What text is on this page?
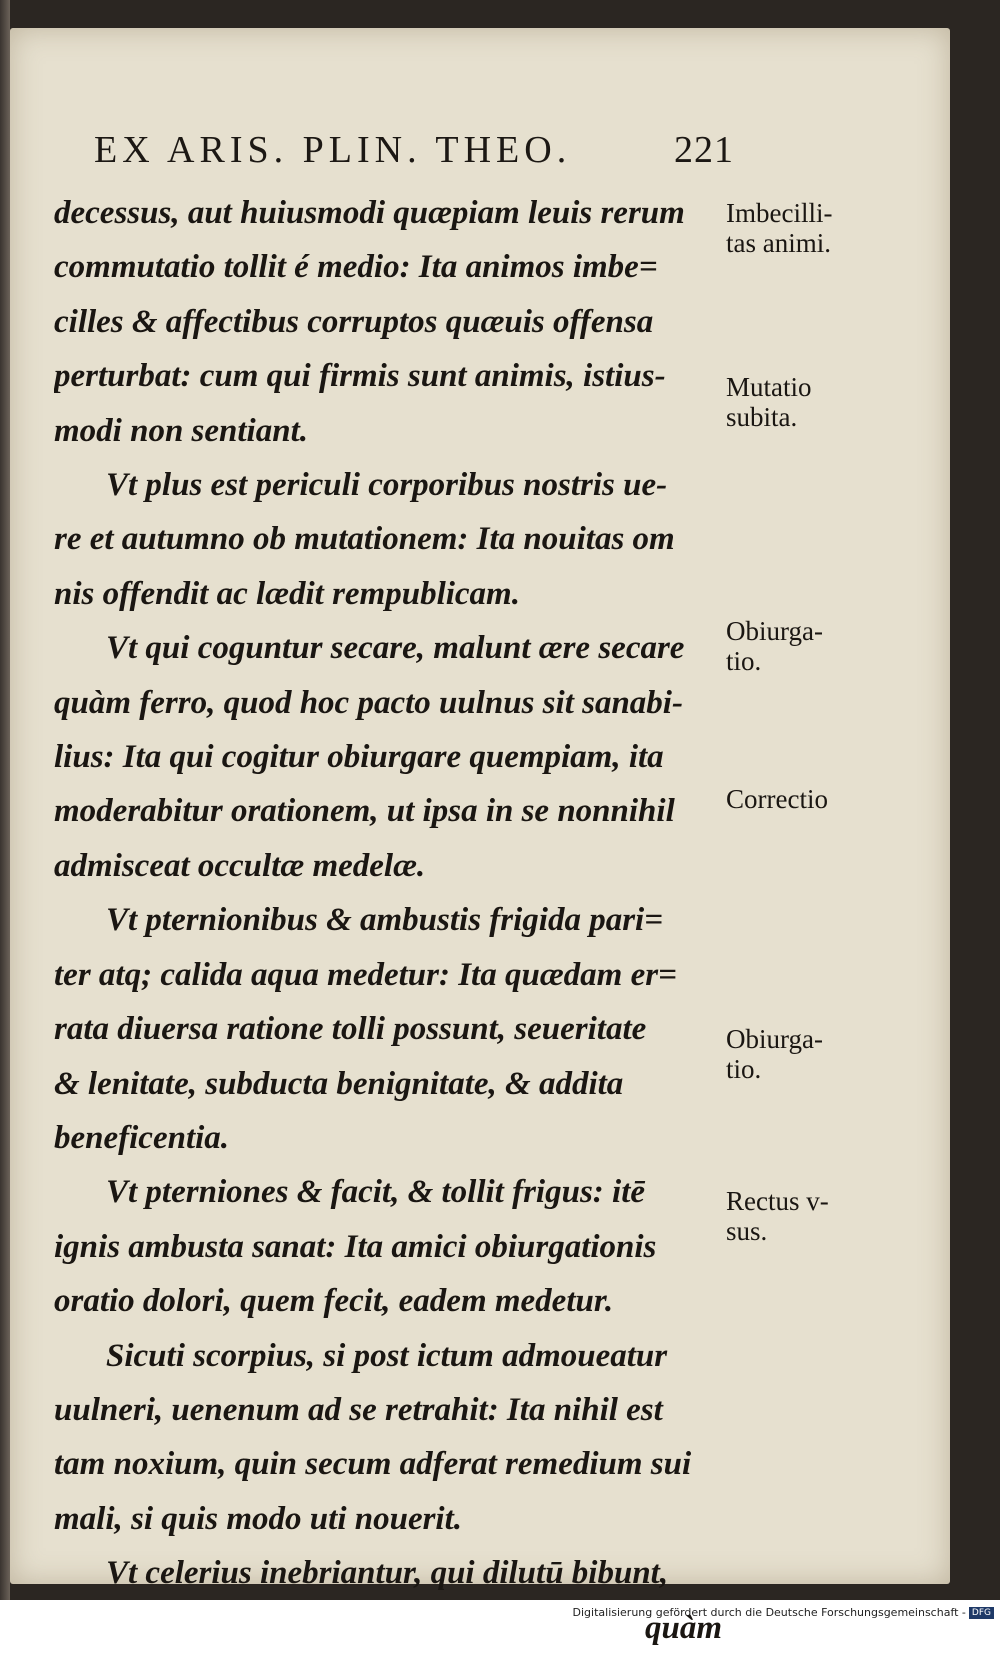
EX ARIS. PLIN. THEO.	221
decessus, aut huiusmodi quæpiam leuis rerum
commutatio tollit é medio: Ita animos imbe=
cilles & affectibus corruptos quæuis offensa
perturbat: cum qui firmis sunt animis, istius-
modi non sentiant.
Vt plus est periculi corporibus nostris ue-
re et autumno ob mutationem: Ita nouitas om
nis offendit ac lædit rempublicam.
Vt qui coguntur secare, malunt ære secare
quàm ferro, quod hoc pacto uulnus sit sanabi-
lius: Ita qui cogitur obiurgare quempiam, ita
moderabitur orationem, ut ipsa in se nonnihil
admisceat occultæ medelæ.
Vt pternionibus & ambustis frigida pari=
ter atq; calida aqua medetur: Ita quædam er=
rata diuersa ratione tolli possunt, seueritate
& lenitate, subducta benignitate, & addita
beneficentia.
Vt pterniones & facit, & tollit frigus: itē
ignis ambusta sanat: Ita amici obiurgationis
oratio dolori, quem fecit, eadem medetur.
Sicuti scorpius, si post ictum admoueatur
uulneri, uenenum ad se retrahit: Ita nihil est
tam noxium, quin secum adferat remedium sui
mali, si quis modo uti nouerit.
Vt celerius inebriantur, qui dilutū bibunt,
quàm
Imbecilli-
tas animi.
Mutatio
subita.
Obiurga-
tio.
Correctio
Obiurga-
tio.
Rectus v-
sus.
Digitalisierung gefördert durch die Deutsche Forschungsgemeinschaft - DFG
